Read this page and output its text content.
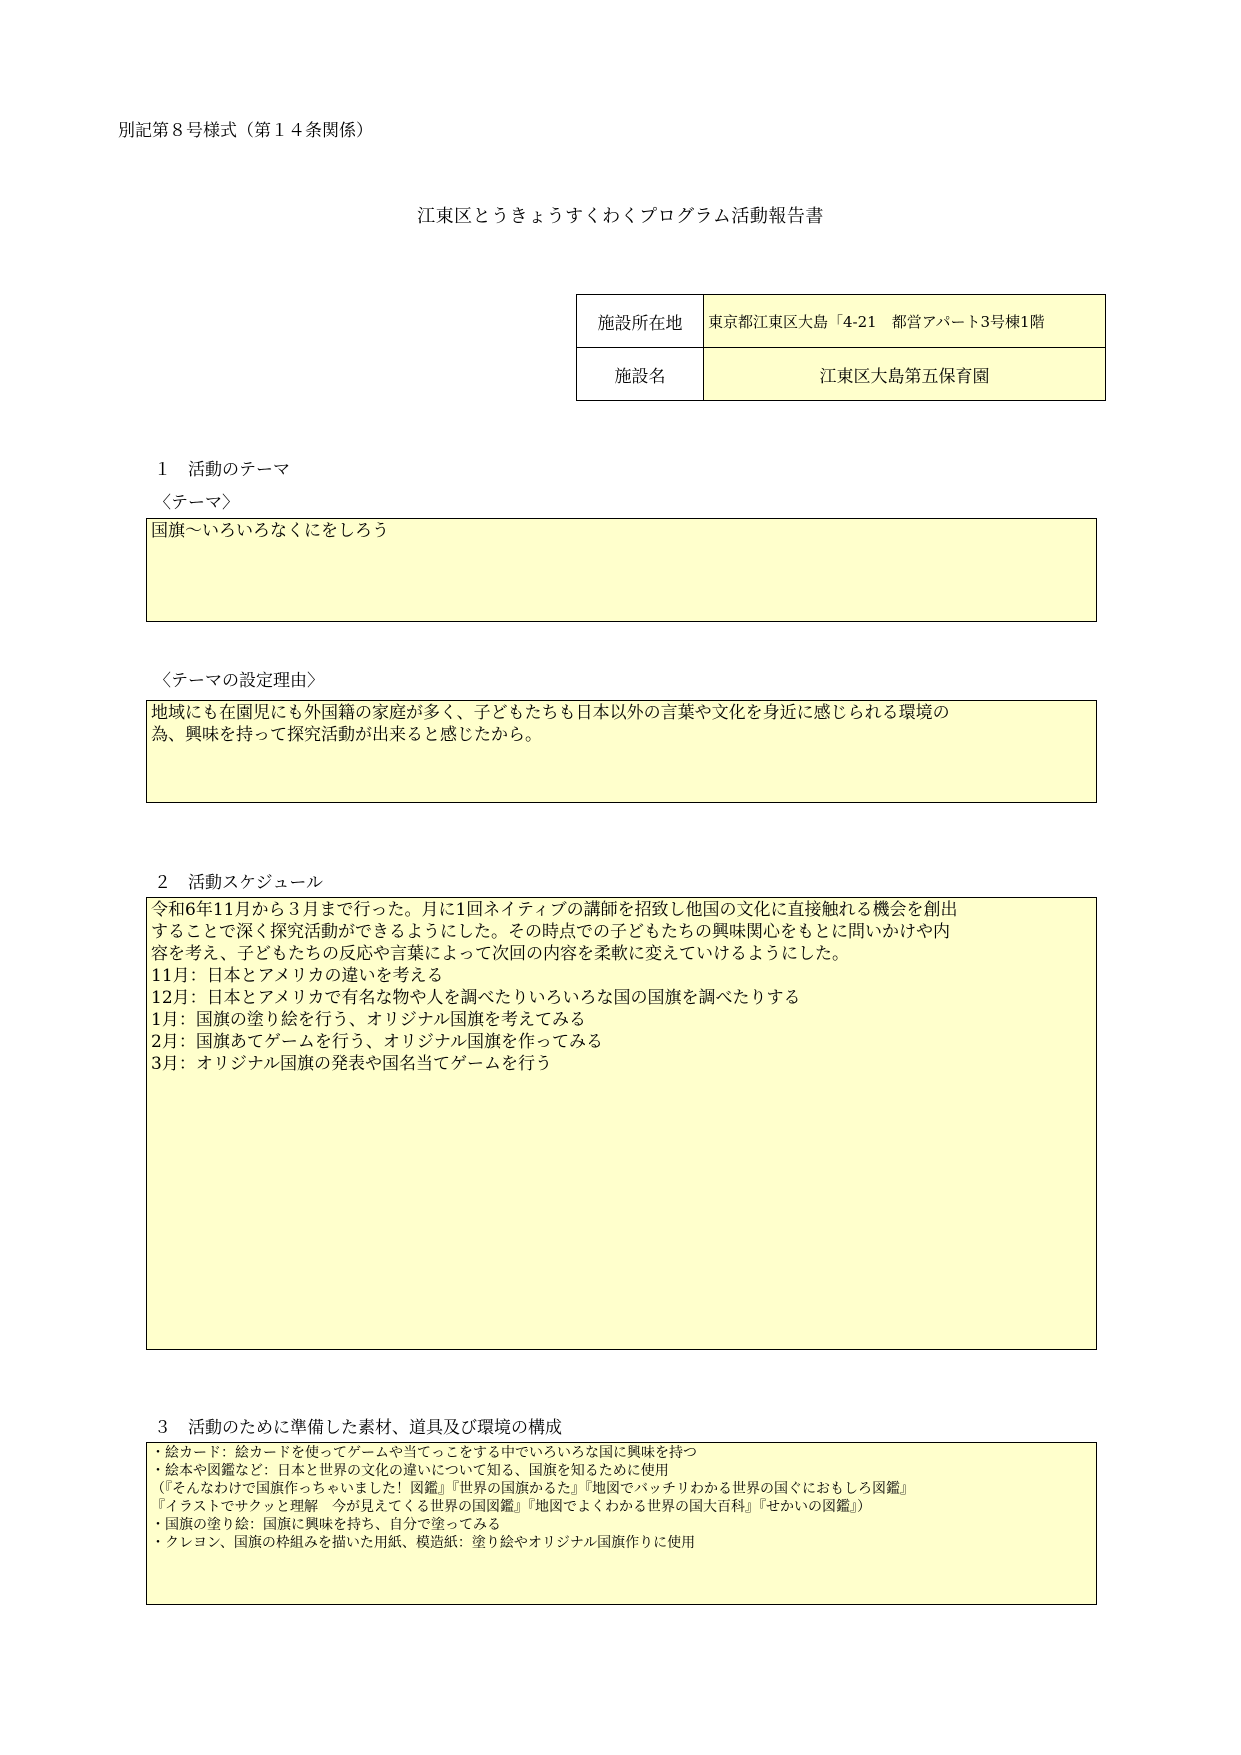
別記第８号様式（第１４条関係）
江東区とうきょうすくわくプログラム活動報告書
施設所在地	東京都江東区大島「4-21　都営アパート3号棟1階
施設名	江東区大島第五保育園
１　活動のテーマ
〈テーマ〉
国旗～いろいろなくにをしろう
〈テーマの設定理由〉
地域にも在園児にも外国籍の家庭が多く、子どもたちも日本以外の言葉や文化を身近に感じられる環境の
為、興味を持って探究活動が出来ると感じたから。
２　活動スケジュール
令和6年11月から３月まで行った。月に1回ネイティブの講師を招致し他国の文化に直接触れる機会を創出
することで深く探究活動ができるようにした。その時点での子どもたちの興味関心をもとに問いかけや内
容を考え、子どもたちの反応や言葉によって次回の内容を柔軟に変えていけるようにした。
11月：日本とアメリカの違いを考える
12月：日本とアメリカで有名な物や人を調べたりいろいろな国の国旗を調べたりする
1月：国旗の塗り絵を行う、オリジナル国旗を考えてみる
2月：国旗あてゲームを行う、オリジナル国旗を作ってみる
3月：オリジナル国旗の発表や国名当てゲームを行う
３　活動のために準備した素材、道具及び環境の構成
・絵カード：絵カードを使ってゲームや当てっこをする中でいろいろな国に興味を持つ
・絵本や図鑑など：日本と世界の文化の違いについて知る、国旗を知るために使用
（『そんなわけで国旗作っちゃいました！図鑑』『世界の国旗かるた』『地図でバッチリわかる世界の国ぐにおもしろ図鑑』
『イラストでサクッと理解　今が見えてくる世界の国図鑑』『地図でよくわかる世界の国大百科』『せかいの図鑑』）
・国旗の塗り絵：国旗に興味を持ち、自分で塗ってみる
・クレヨン、国旗の枠組みを描いた用紙、模造紙：塗り絵やオリジナル国旗作りに使用
